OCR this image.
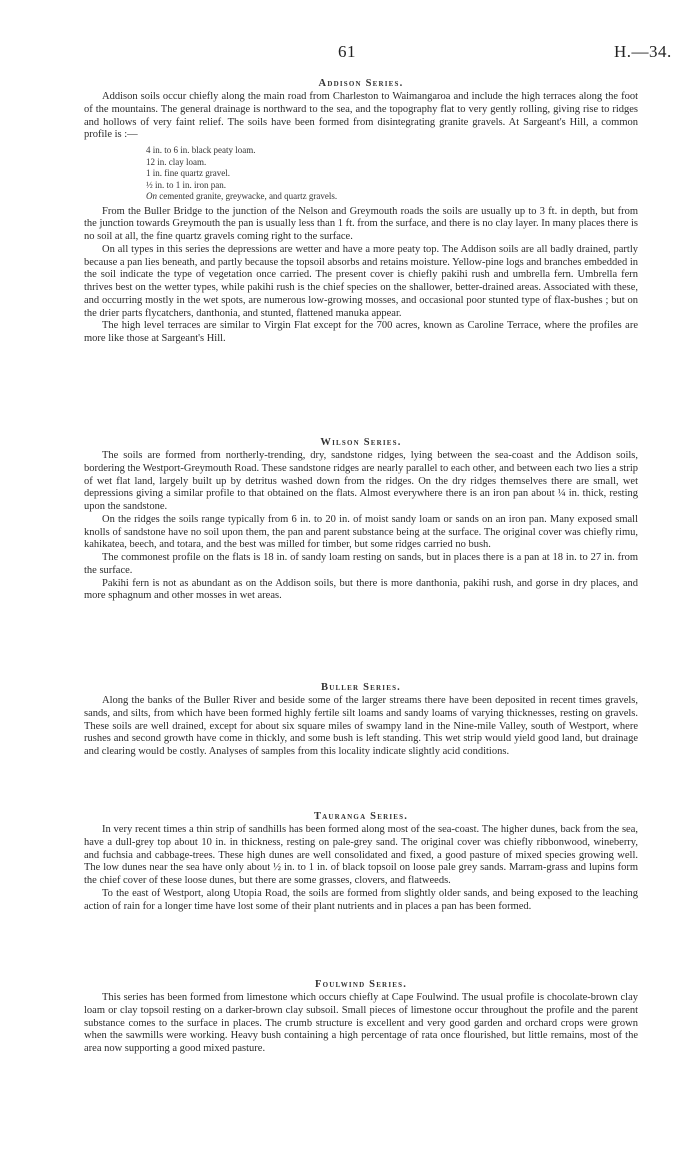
61	H.—34.
Addison Series.

Addison soils occur chiefly along the main road from Charleston to Waimangaroa and include the high terraces along the foot of the mountains. The general drainage is northward to the sea, and the topography flat to very gently rolling, giving rise to ridges and hollows of very faint relief. The soils have been formed from disintegrating granite gravels. At Sargeant's Hill, a common profile is :—

4 in. to 6 in. black peaty loam.
12 in. clay loam.
1 in. fine quartz gravel.
½ in. to 1 in. iron pan.
On cemented granite, greywacke, and quartz gravels.

From the Buller Bridge to the junction of the Nelson and Greymouth roads the soils are usually up to 3 ft. in depth, but from the junction towards Greymouth the pan is usually less than 1 ft. from the surface, and there is no clay layer. In many places there is no soil at all, the fine quartz gravels coming right to the surface.

On all types in this series the depressions are wetter and have a more peaty top. The Addison soils are all badly drained, partly because a pan lies beneath, and partly because the topsoil absorbs and retains moisture. Yellow-pine logs and branches embedded in the soil indicate the type of vegetation once carried. The present cover is chiefly pakihi rush and umbrella fern. Umbrella fern thrives best on the wetter types, while pakihi rush is the chief species on the shallower, better-drained areas. Associated with these, and occurring mostly in the wet spots, are numerous low-growing mosses, and occasional poor stunted type of flax-bushes ; but on the drier parts flycatchers, danthonia, and stunted, flattened manuka appear.

The high level terraces are similar to Virgin Flat except for the 700 acres, known as Caroline Terrace, where the profiles are more like those at Sargeant's Hill.

Wilson Series.

The soils are formed from northerly-trending, dry, sandstone ridges, lying between the sea-coast and the Addison soils, bordering the Westport-Greymouth Road. These sandstone ridges are nearly parallel to each other, and between each two lies a strip of wet flat land, largely built up by detritus washed down from the ridges. On the dry ridges themselves there are small, wet depressions giving a similar profile to that obtained on the flats. Almost everywhere there is an iron pan about ¼ in. thick, resting upon the sandstone.

On the ridges the soils range typically from 6 in. to 20 in. of moist sandy loam or sands on an iron pan. Many exposed small knolls of sandstone have no soil upon them, the pan and parent substance being at the surface. The original cover was chiefly rimu, kahikatea, beech, and totara, and the best was milled for timber, but some ridges carried no bush.

The commonest profile on the flats is 18 in. of sandy loam resting on sands, but in places there is a pan at 18 in. to 27 in. from the surface.

Pakihi fern is not as abundant as on the Addison soils, but there is more danthonia, pakihi rush, and gorse in dry places, and more sphagnum and other mosses in wet areas.

Buller Series.

Along the banks of the Buller River and beside some of the larger streams there have been deposited in recent times gravels, sands, and silts, from which have been formed highly fertile silt loams and sandy loams of varying thicknesses, resting on gravels. These soils are well drained, except for about six square miles of swampy land in the Nine-mile Valley, south of Westport, where rushes and second growth have come in thickly, and some bush is left standing. This wet strip would yield good land, but drainage and clearing would be costly. Analyses of samples from this locality indicate slightly acid conditions.

Tauranga Series.

In very recent times a thin strip of sandhills has been formed along most of the sea-coast. The higher dunes, back from the sea, have a dull-grey top about 10 in. in thickness, resting on pale-grey sand. The original cover was chiefly ribbonwood, wineberry, and fuchsia and cabbage-trees. These high dunes are well consolidated and fixed, a good pasture of mixed species growing well. The low dunes near the sea have only about ½ in. to 1 in. of black topsoil on loose pale grey sands. Marram-grass and lupins form the chief cover of these loose dunes, but there are some grasses, clovers, and flatweeds.

To the east of Westport, along Utopia Road, the soils are formed from slightly older sands, and being exposed to the leaching action of rain for a longer time have lost some of their plant nutrients and in places a pan has been formed.

Foulwind Series.

This series has been formed from limestone which occurs chiefly at Cape Foulwind. The usual profile is chocolate-brown clay loam or clay topsoil resting on a darker-brown clay subsoil. Small pieces of limestone occur throughout the profile and the parent substance comes to the surface in places. The crumb structure is excellent and very good garden and orchard crops were grown when the sawmills were working. Heavy bush containing a high percentage of rata once flourished, but little remains, most of the area now supporting a good mixed pasture.
